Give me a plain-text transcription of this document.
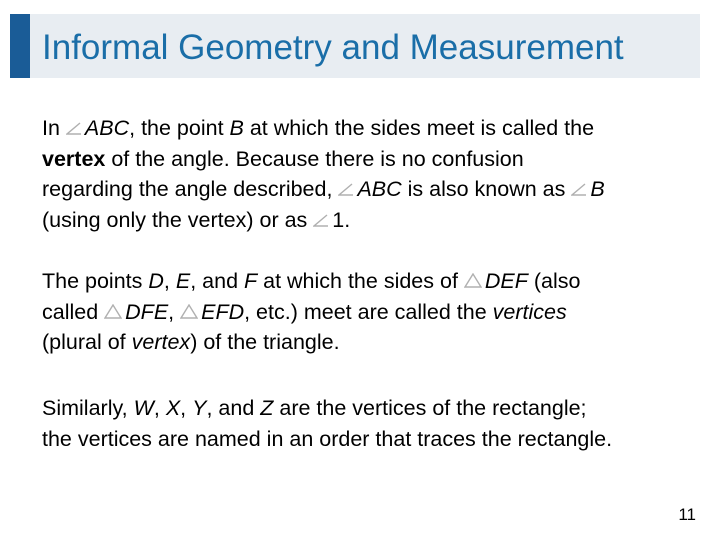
Informal Geometry and Measurement
In ABC, the point B at which the sides meet is called the
vertex of the angle. Because there is no confusion
regarding the angle described, ABC is also known as B
(using only the vertex) or as 1.
The points D, E, and F at which the sides of DEF (also
called DFE, EFD, etc.) meet are called the vertices
(plural of vertex) of the triangle.
Similarly, W, X, Y, and Z are the vertices of the rectangle;
the vertices are named in an order that traces the rectangle.
11
